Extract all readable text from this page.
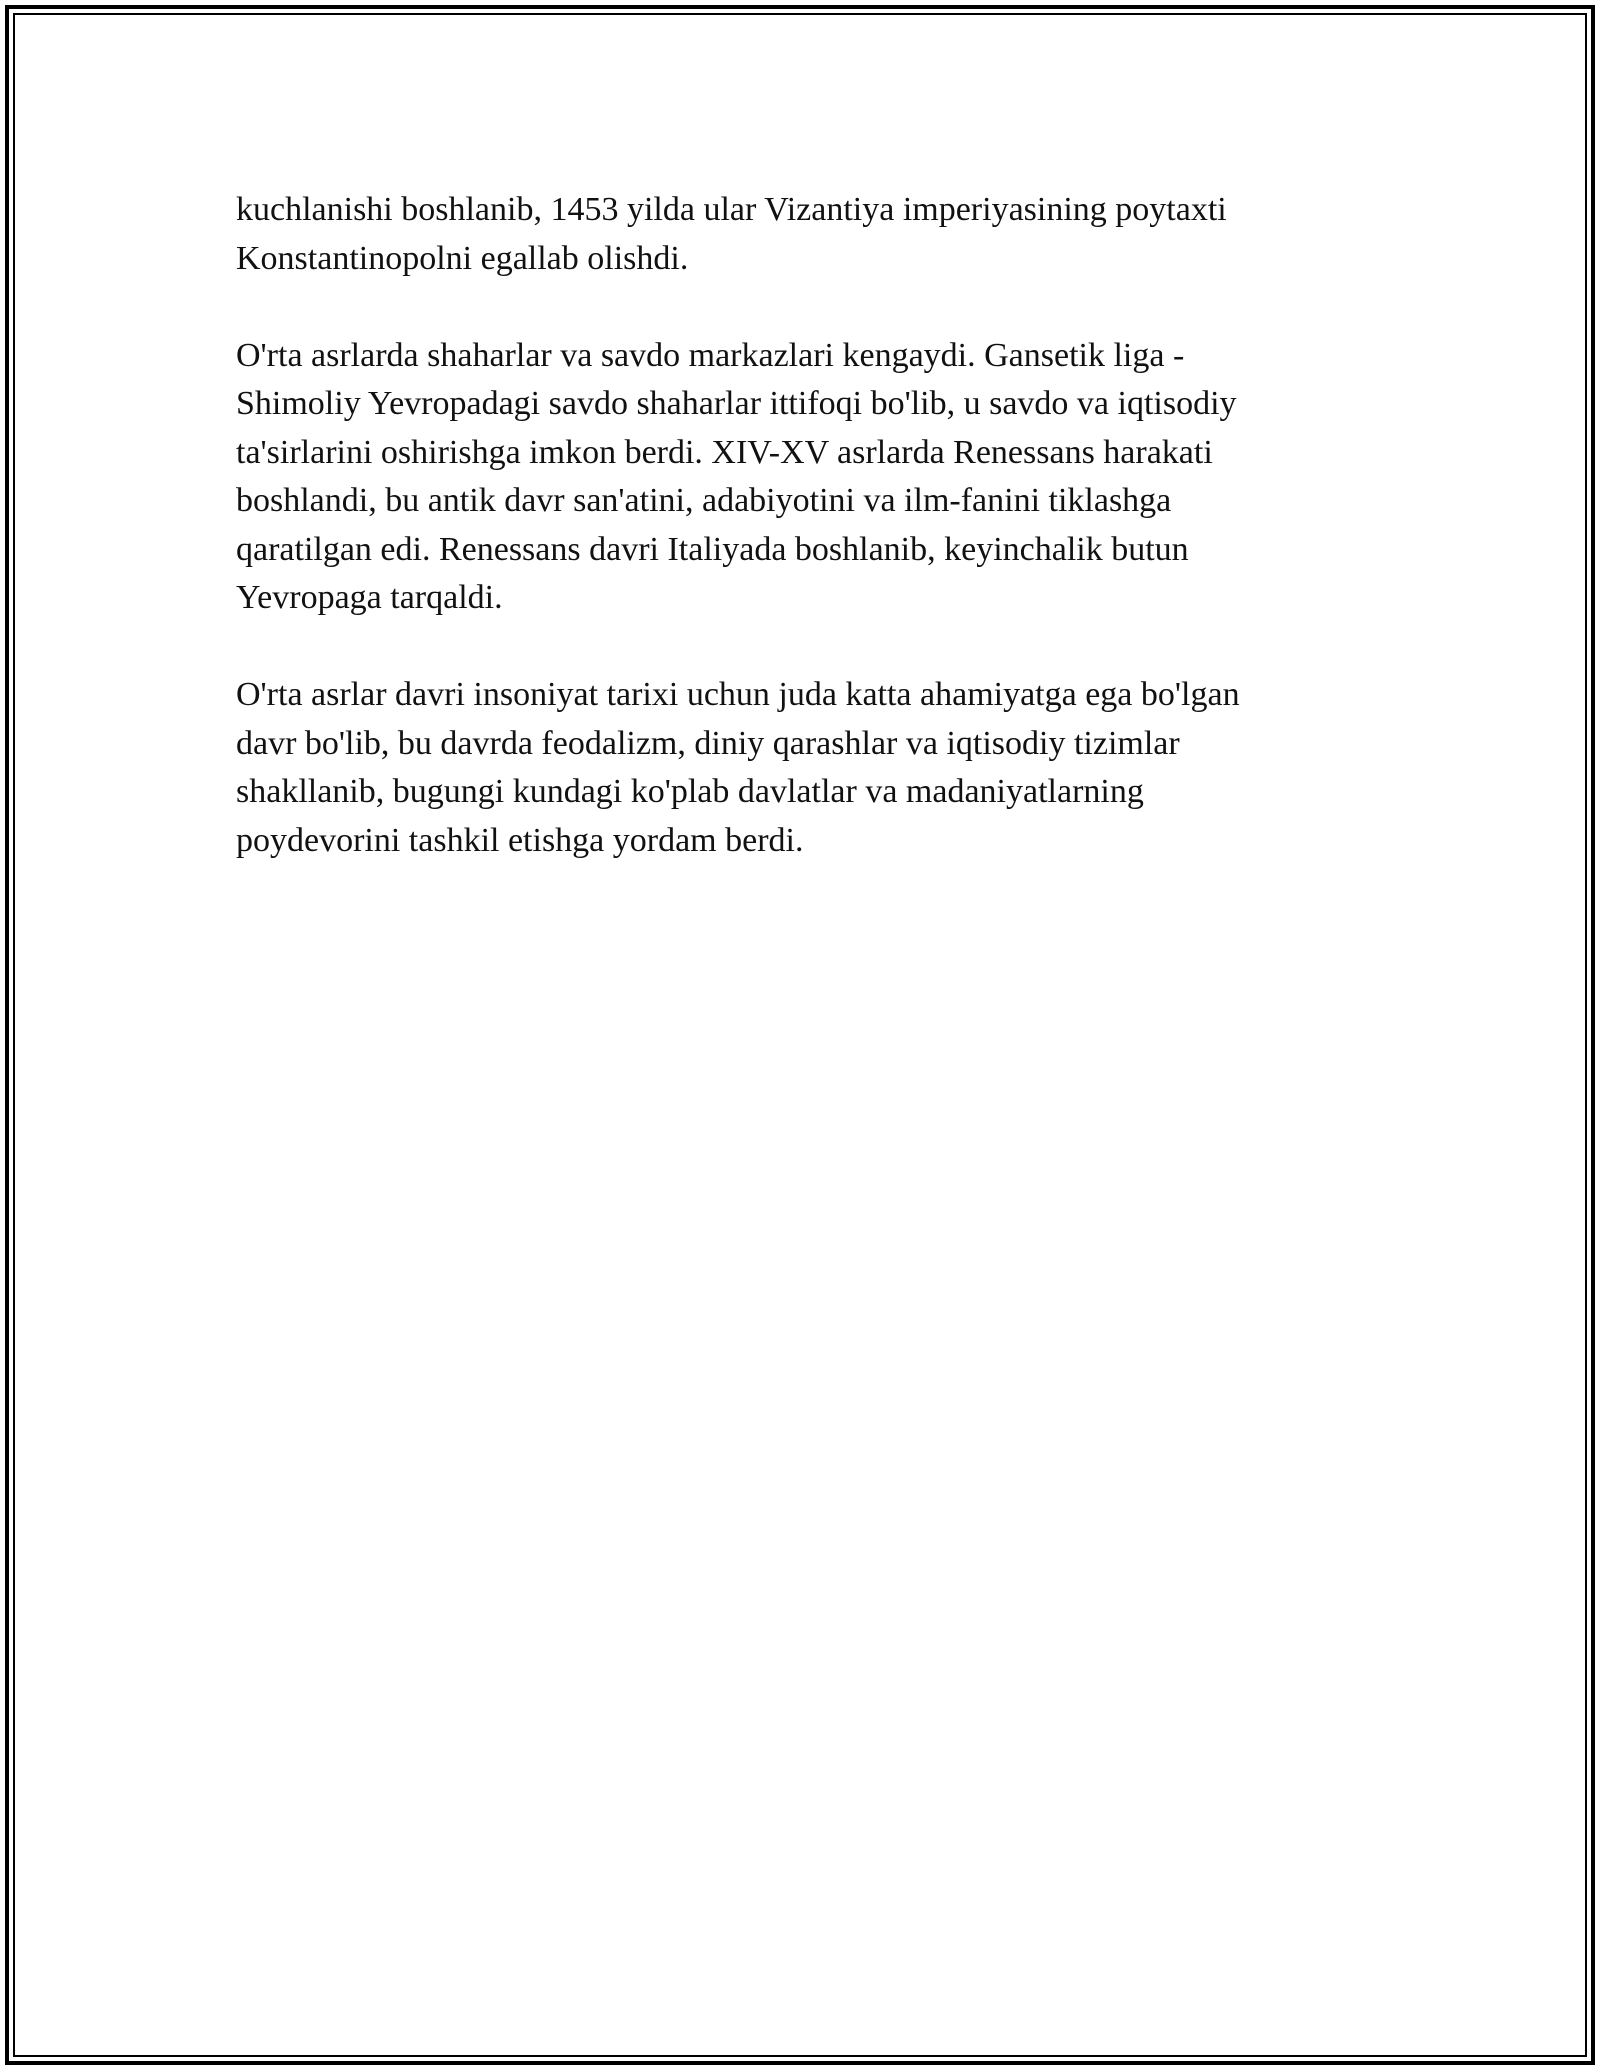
kuchlanishi boshlanib, 1453 yilda ular Vizantiya imperiyasining poytaxti
Konstantinopolni egallab olishdi.

O'rta asrlarda shaharlar va savdo markazlari kengaydi. Gansetik liga -
Shimoliy Yevropadagi savdo shaharlar ittifoqi bo'lib, u savdo va iqtisodiy
ta'sirlarini oshirishga imkon berdi. XIV-XV asrlarda Renessans harakati
boshlandi, bu antik davr san'atini, adabiyotini va ilm-fanini tiklashga
qaratilgan edi. Renessans davri Italiyada boshlanib, keyinchalik butun
Yevropaga tarqaldi.

O'rta asrlar davri insoniyat tarixi uchun juda katta ahamiyatga ega bo'lgan
davr bo'lib, bu davrda feodalizm, diniy qarashlar va iqtisodiy tizimlar
shakllanib, bugungi kundagi ko'plab davlatlar va madaniyatlarning
poydevorini tashkil etishga yordam berdi.
